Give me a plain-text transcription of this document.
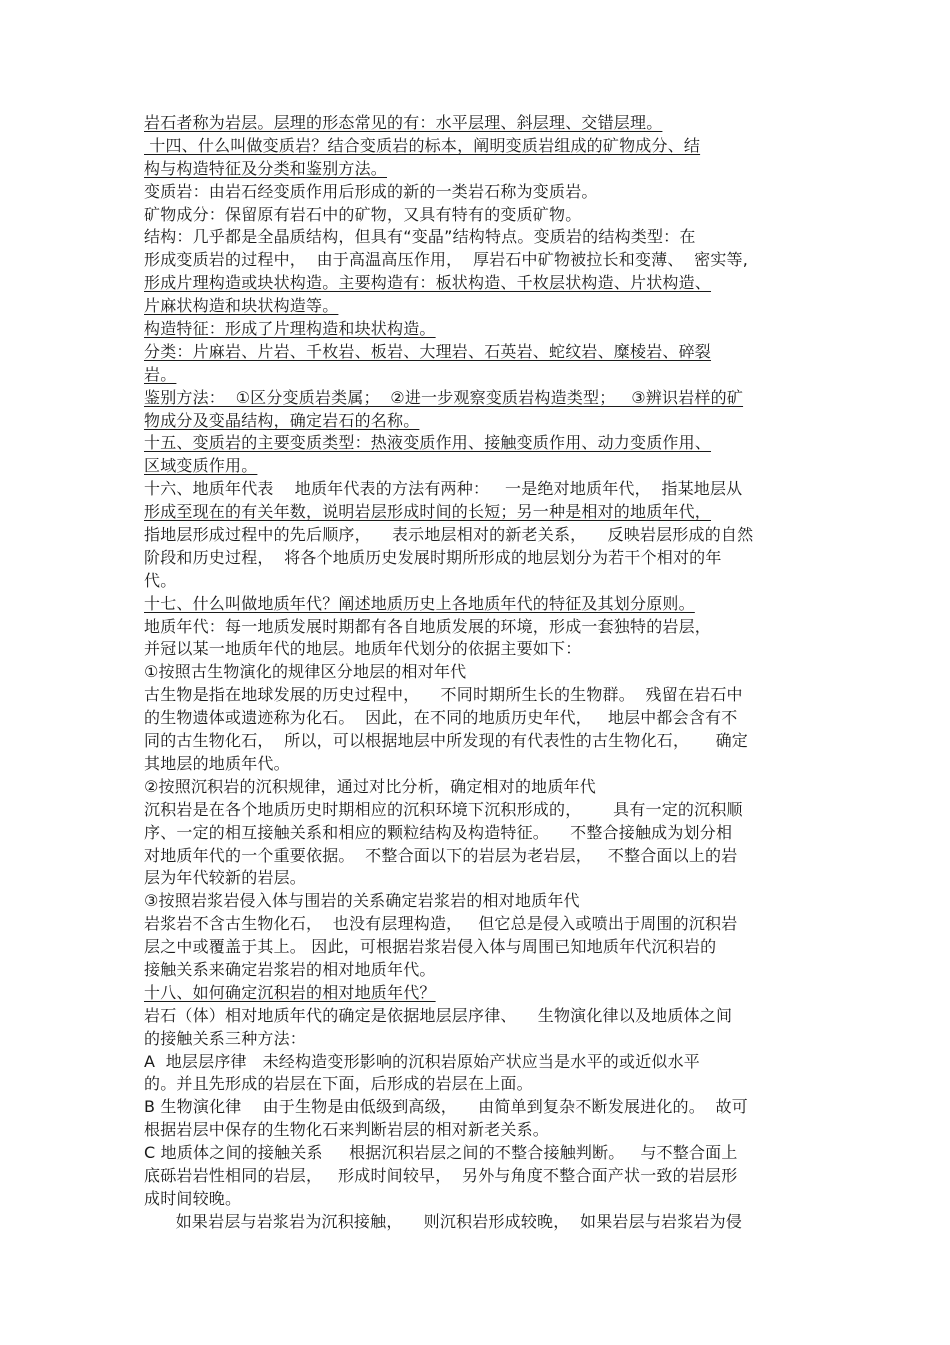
岩石者称为岩层。层理的形态常见的有：水平层理、斜层理、交错层理。
十四、什么叫做变质岩？结合变质岩的标本，阐明变质岩组成的矿物成分、结
构与构造特征及分类和鉴别方法。
变质岩：由岩石经变质作用后形成的新的一类岩石称为变质岩。
矿物成分：保留原有岩石中的矿物，又具有特有的变质矿物。
结构：几乎都是全晶质结构，但具有“变晶”结构特点。变质岩的结构类型：在
形成变质岩的过程中，  由于高温高压作用，  厚岩石中矿物被拉长和变薄、  密实等,
形成片理构造或块状构造。主要构造有：板状构造、千枚层状构造、片状构造、
片麻状构造和块状构造等。
构造特征：形成了片理构造和块状构造。
分类：片麻岩、片岩、千枚岩、板岩、大理岩、石英岩、蛇纹岩、糜棱岩、碎裂
岩。
鉴别方法：  ①区分变质岩类属；  ②进一步观察变质岩构造类型；   ③辨识岩样的矿
物成分及变晶结构，确定岩石的名称。
十五、变质岩的主要变质类型：热液变质作用、接触变质作用、动力变质作用、
区域变质作用。
十六、地质年代表    地质年代表的方法有两种：   一是绝对地质年代，  指某地层从
形成至现在的有关年数，说明岩层形成时间的长短；另一种是相对的地质年代，
指地层形成过程中的先后顺序，    表示地层相对的新老关系，    反映岩层形成的自然
阶段和历史过程，  将各个地质历史发展时期所形成的地层划分为若干个相对的年
代。
十七、什么叫做地质年代？阐述地质历史上各地质年代的特征及其划分原则。
地质年代：每一地质发展时期都有各自地质发展的环境，形成一套独特的岩层，
并冠以某一地质年代的地层。地质年代划分的依据主要如下：
①按照古生物演化的规律区分地层的相对年代
古生物是指在地球发展的历史过程中，    不同时期所生长的生物群。  残留在岩石中
的生物遗体或遗迹称为化石。  因此，在不同的地质历史年代，   地层中都会含有不
同的古生物化石，  所以，可以根据地层中所发现的有代表性的古生物化石，     确定
其地层的地质年代。
②按照沉积岩的沉积规律，通过对比分析，确定相对的地质年代
沉积岩是在各个地质历史时期相应的沉积环境下沉积形成的，      具有一定的沉积顺
序、一定的相互接触关系和相应的颗粒结构及构造特征。    不整合接触成为划分相
对地质年代的一个重要依据。  不整合面以下的岩层为老岩层，   不整合面以上的岩
层为年代较新的岩层。
③按照岩浆岩侵入体与围岩的关系确定岩浆岩的相对地质年代
岩浆岩不含古生物化石，  也没有层理构造，   但它总是侵入或喷出于周围的沉积岩
层之中或覆盖于其上。 因此，可根据岩浆岩侵入体与周围已知地质年代沉积岩的
接触关系来确定岩浆岩的相对地质年代。
十八、如何确定沉积岩的相对地质年代？
岩石（体）相对地质年代的确定是依据地层层序律、    生物演化律以及地质体之间
的接触关系三种方法：
A  地层层序律   未经构造变形影响的沉积岩原始产状应当是水平的或近似水平
的。并且先形成的岩层在下面，后形成的岩层在上面。
B 生物演化律    由于生物是由低级到高级，    由简单到复杂不断发展进化的。  故可
根据岩层中保存的生物化石来判断岩层的相对新老关系。
C 地质体之间的接触关系     根据沉积岩层之间的不整合接触判断。   与不整合面上
底砾岩岩性相同的岩层，   形成时间较早，  另外与角度不整合面产状一致的岩层形
成时间较晚。
如果岩层与岩浆岩为沉积接触，    则沉积岩形成较晚，  如果岩层与岩浆岩为侵
